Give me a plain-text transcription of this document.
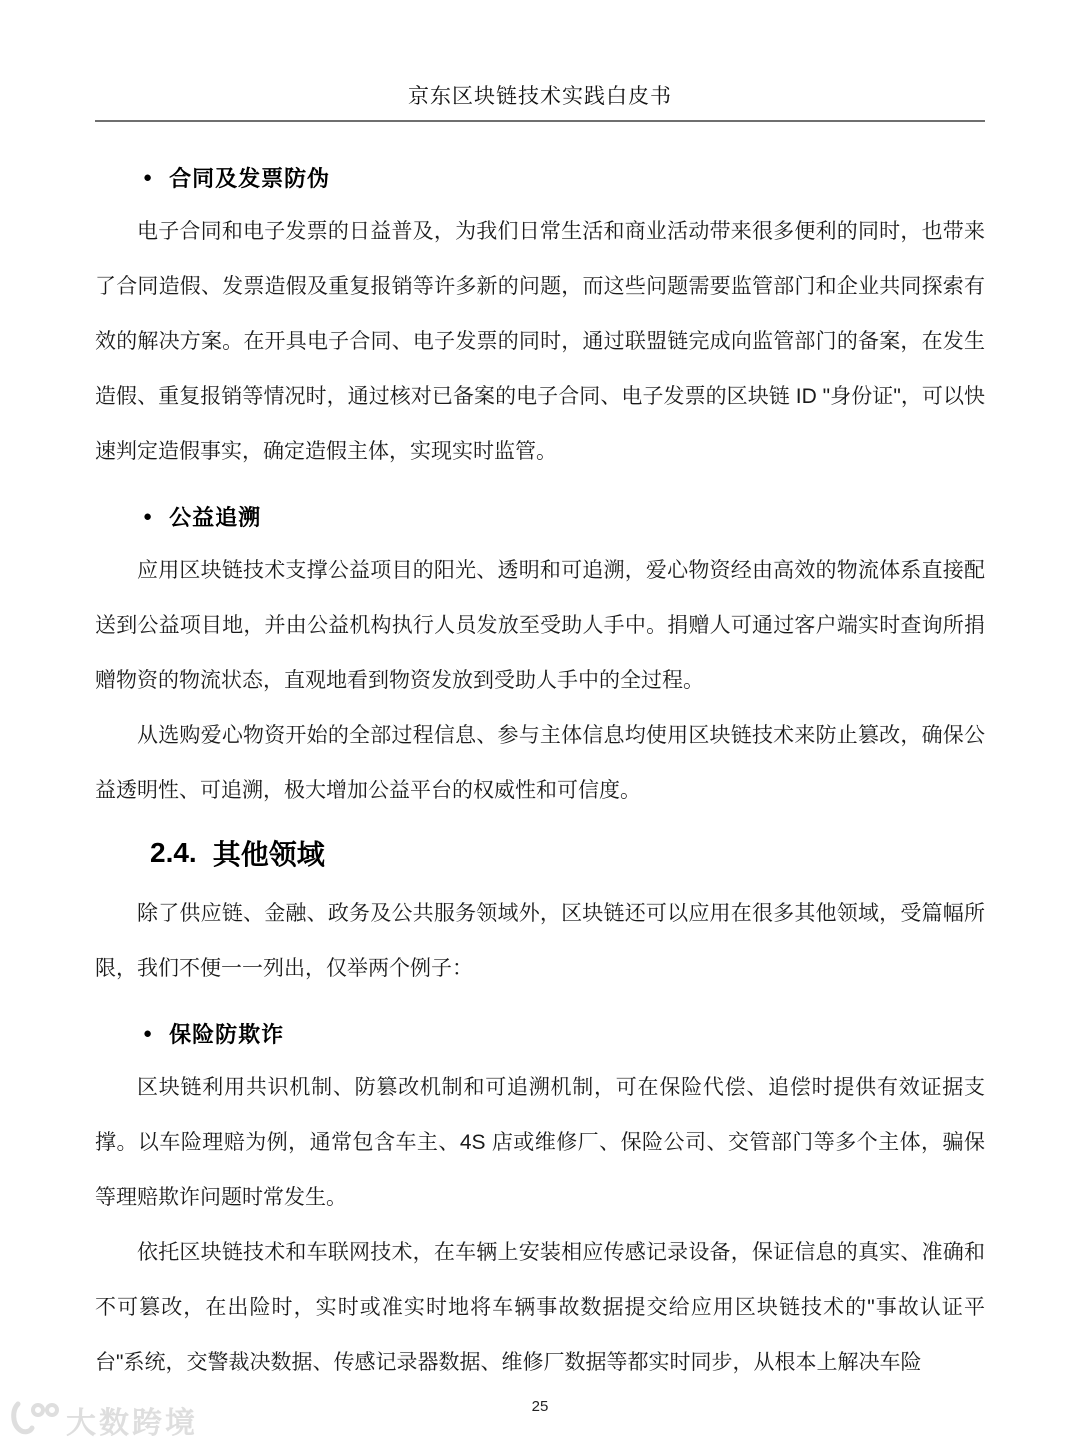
京东区块链技术实践白皮书
● 合同及发票防伪

电子合同和电子发票的日益普及，为我们日常生活和商业活动带来很多便利的同时，也带来了合同造假、发票造假及重复报销等许多新的问题，而这些问题需要监管部门和企业共同探索有效的解决方案。在开具电子合同、电子发票的同时，通过联盟链完成向监管部门的备案，在发生造假、重复报销等情况时，通过核对已备案的电子合同、电子发票的区块链 ID "身份证"，可以快速判定造假事实，确定造假主体，实现实时监管。

● 公益追溯

应用区块链技术支撑公益项目的阳光、透明和可追溯，爱心物资经由高效的物流体系直接配送到公益项目地，并由公益机构执行人员发放至受助人手中。捐赠人可通过客户端实时查询所捐赠物资的物流状态，直观地看到物资发放到受助人手中的全过程。

从选购爱心物资开始的全部过程信息、参与主体信息均使用区块链技术来防止篡改，确保公益透明性、可追溯，极大增加公益平台的权威性和可信度。

2.4. 其他领域

除了供应链、金融、政务及公共服务领域外，区块链还可以应用在很多其他领域，受篇幅所限，我们不便一一列出，仅举两个例子：

● 保险防欺诈

区块链利用共识机制、防篡改机制和可追溯机制，可在保险代偿、追偿时提供有效证据支撑。以车险理赔为例，通常包含车主、4S 店或维修厂、保险公司、交管部门等多个主体，骗保等理赔欺诈问题时常发生。

依托区块链技术和车联网技术，在车辆上安装相应传感记录设备，保证信息的真实、准确和不可篡改，在出险时，实时或准实时地将车辆事故数据提交给应用区块链技术的"事故认证平台"系统，交警裁决数据、传感记录器数据、维修厂数据等都实时同步，从根本上解决车险

25
大数跨境
